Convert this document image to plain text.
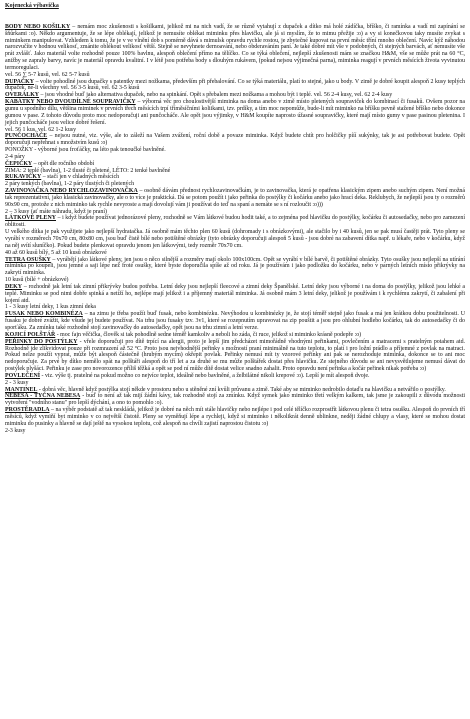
Kojenecká výbavička

BODY NEBO KOŠILKY – nemám moc zkušenosti s košilkami, jelikož mi na nich vadí, že se různě vytahují z dupaček a dítko má holé zádíčka, bříško, či ramínka a vadí mi zapínání se šňůrkami :o). Někdo argumentuje, že se lépe oblékají, jelikož je nemusíte oblékat miminku přes hlavičku, ale já si myslím, že to mimu přežije :o) a vy si konečkovou taky musíte zvykat s miminkem manipulovat. Vzhledem k tomu, že je v ve vlnění dob s pomérně dává s mimulsk opravdu rychle rostou, je zbytečné kupovat na první měsíc tříní mnoho oblečení. Navíc kýž náhodou narozvučíte v hodnou velikosť, zmánite oblékout velikosť větší. Stejně se nevyhnete dernoavání, nebo obderaváním paní. Je také dobré mít vše v podobných, či stejných barvách, ať nemusíte vše prát zvlášť. Jako materiál volte rozhodně pouze 100% bavlnu, alespoň oblečení přímo na tělíčko. Co se týká oblečení, nejlepší zkušenosti mám se značkou H&M, vše se může prát na 60 °C, anižby se zapraly barvy, navíc je materiál opravdu kvalitní. I v létě jsou potřeba body s dlouhým rukávem, (pokud nejsou výjimečná parna), miminka reagují v prvních měsících života vyvinutou termoregulaci.

vel. 56 ∑ 5-7 kusů, vel. 62 5-7 kusů

DUPAČKY – volte pohodlné jsou dupačky s patentky mezi nožkama, především při přebalování. Co se týká materiálu, platí to stejné, jako u body. V zimě je dobré koupit alespoň 2 kusy teplých dupaček, ne-li všechny vel. 56 3-5 kusů, vel. 62 3-5 kusů

OVERÁLKY – jsou vhodné buď jako alternativa dupaček, nebo na spinkání. Opět s přebalem mezi nožkama a mohou být i teplé. vel. 56 2-4 kusy, vel. 62 2-4 kusy

KABÁTKY NEBO DVOUDÍLNÉ SOUPRAVIČKY – výborná věc pro choulostivější miminka na doma anebo v zimě místo pletených soupraviček do kombinací či fusaků. Ovšem pozor na gumu u spodního dílu, většina miminek v prvních třech měsících trpí tříměsíčními koliikami, tzv. prdíky, a tím moc nepomůže, bude-li mít miminko na bříšku pevně stažené bříško nebo dokonce gumou v pase. Z tohoto důvodu proto moc nedoporučuji ani punčocháče. Ale opět jsou výjimky, v H&M koupíte naprosto úžasné soupravičky, které mají místo gumy v pase pasinou pletenina. I jejich punčocháče jsou velice dobré řešení.

vel. 56 1 kus, vel. 62 1-2 kusy

PUNČOCHÁČE – nejsou nutné, viz. výše, ale to záleží na Vašem zvážení, roční době a povaze miminka. Když budete chtít pro holčičky pííí sukýnky, tak je asi potřebovat budete. Opět doporučuji nepřehnat s množstvím kusů :o)

PONOŽKY - výborné jsou froťáčky, na léto pak tenoučké bavlněné.

2-4 páry

ČEPIČKY – opět dle ročního období

ZIMA: 2 teplé (bavlna), 1-2 tlusté či pletené, LÉTO: 2 tenké bavlněné

RUKAVIČKY – stačí jen v chladných měsících

2 páry tenkých (bavlna), 1-2 páry tlustých či pletených

ZAVINOVAČKA NEBO RYCHLOZAVINOVAČKA – osobně dávám přednost rychlozavinovačkám, je to zavinovačka, která je opatřena klasickým zipem anebo suchým zipem. Není možná tak reprezentativní, jako klasická zavinovačky, ale o to více je praktická. Dá se potom použít i jako peřinka do postýlky či kočárku anebo jako hrací deka. Reklubych, že nejlepší jsou ty o rozměrů 90x90 cm, protože z nich miminko tak rychle nevyroste a mají dovolují vám ji používat do teď na spaní a nemáte se s ní rozloučit :o)))

2 – 3 kusy (ať máte náhradu, když je praní)

LÁTKOVÉ PLENY – i když budete používat jednorázové pleny, rozhodně se Vám látkové budou hodit také, a to zejména pod hlavičku do postýlky, kočárku či autosedačky, nebo pro zamezení oblitosti.

U velkého dítka je pak využijete jako nejlepší hydratačka. Já osobně mám těchto plen 60 kusů (dohromady i s obrázkovými), ale stačilo by i 40 kusů, jen se pak musí častěji prát. Tyto pleny se vyrábí v rozměrech 70x70 cm, 80x80 cm, jsou buď čistě bílé nebo potištěné obrázky (tyto obrázky doporučuji alespoň 5 kusů - jsou dobré na zabavení dítka např. u lékaře, nebo v kočárku, když na něj svítí sluníčko). Pokud budete plenkovat opravdu jenom jen látkovými, tedy rozměr 70x70 cm.

40 až 60 kusů bílý, 5 až 10 kusů obrázkové

TETRA OSUŠKY – vyrábějí jako látkové pleny, jen jsou o něco silnější a rozměry mají okolo 100x100cm. Opět se vyrábí v bílé barvě, či potištěné obrázky. Tyto osušky jsou nejlepší na utírání miminka po koupeli, jsou jemné a saji lépe než froté osušky, které byste doporučila spíše až od roku. Já je používám i jako podložku do kočárku, nebo v parných letních místo přikrývky na zakrytí miminka.

10 kusů (bílé + obrázkové)

DEKY – rozhodně jak letní tak zimní přikrývky budou potřeba. Letní deky jsou nejlepší fleecové a zimní deky Španělské. Letní deky jsou výborné i na doma do postýlky, jelikož jsou lehké a teplé. Miminku se pod nimi dobře spinká a netíží ho, nejlépe mají jelikož i a příjemný materiál miminka. Já osobně mám 3 letní deky, jelikož je používám i k rychlému zakrytí, či zabalení při kojení atd.

1 - 3 kusy letní deky, 1 kus zimní deka

FUSAK NEBO KOMBINÉZA – na zimu je třeba použít buď fusak, nebo kombinézku. Nevýhodou u kombinézky je, že stojí téměř stejně jako fusak a má jen krátkou dobu použitelnosti. U fusaku je dobré zvážit, kde všude jej budete používat. Na trhu jsou fusaky tzv. 3v1, které se rozepnutím upravovat na zip pouštit a jsou pro ohlubní hodlebo kočárku, tak do autosedačky či do sporťáku. Za zmínku také rozhodně stojí zavinovačky do autosedačky, opět jsou na trhu zimní a letní verze.

KOJICÍ POLŠTÁŘ - moc fajn věčička, člověk si tak pohodlně sedne téměř kamkoliv a neboli ho záda, či ruce, jelikož si miminko krásně podepře :o)

PEŘINKY DO POSTÝLKY - vřele doporučuji pro dítě trpící na alergii, proto je lepší jim předcházet mimořádně vhodnými peřinkami, povlečením a matracemi s pratelným potahem atd. Rozhodně jde zlikvidovat pouze při rozmrazení až 52 °C. Proto jsou nejvhodnější peřinky s možností praní minimálně na tuto teplotu, to platí i pro ložní prádlo a příjemné z povlak na matraci. Pokud nelze použít vyprat, může být alespoň částečně (hrubým mycím) okřepit povlak. Peřinky nemusí mít ty vzorové peřinky ani pak se nerozhoduje miminka, dokonce se to ani moc nedoporučuje. Za prvé by dítko nemělo spát na polštáři alespoň do tří let a za druhé se mu může polštářek dostat přes hlavičku. Ze stejného důvodu se ani nevysvětlujeme nemusí dávat do postýlek plyšáci. Peřinku je zase pro novorozence příliš těžká a opět se pod ní může dítě dostat velice snadno zahalit. Proto opravdu není peřinka a kočár peřinek nikak potřeba :o)

POVLEČENÍ - viz. výše tj. pratelné na pokud možno co nejvíce teplot, ideálně nebo bavlněné, a želbilátné nikoli krepové :o). Lepší je mít alespoň dvoje.

2 - 3 kusy

MANTINEL - dobrá věc, hlavně když postýlka stojí někde v prostoru nebo u stěněné zní kvůli průvanu a zimě. Také aby se miminko nedrobilo dotaďu na hlavičku a netvářilo o postýlky.

NEBESA - TYČNA NEBESA - buď to není až tak mijí žádní kávy, tak rozhodně stojí za zmínku. Když symek jako miminko třetí velkým kalkem, tak jsme je zakoupili z důvodu možnosti vytvoření "vodního stanu" pro lepší dýchání, a ono to pomohlo :o).

PROSTĚRADLA – na výběr podstatě až tak neskládá, jelikož je dobré na něch mít stále hlavičky nebo nejlépe i pod celé tělíčko rozprostřít látkovou plenu či tetra osušku. Alespoň do prvních tří měsíců, když vymiňí byt miminko v co největší čistotě. Pleny se vyměňují lépe a rychleji, když si miminko i několikrát denně ublinkne, neději žádné chlupy a vlasy, které se mohou dostat miminku do pusinky a hlavně se dají ještě na vysokou teplotu, což alespoň na chvíli zajistí naprostou čistotu :o)

2-3 kusy
